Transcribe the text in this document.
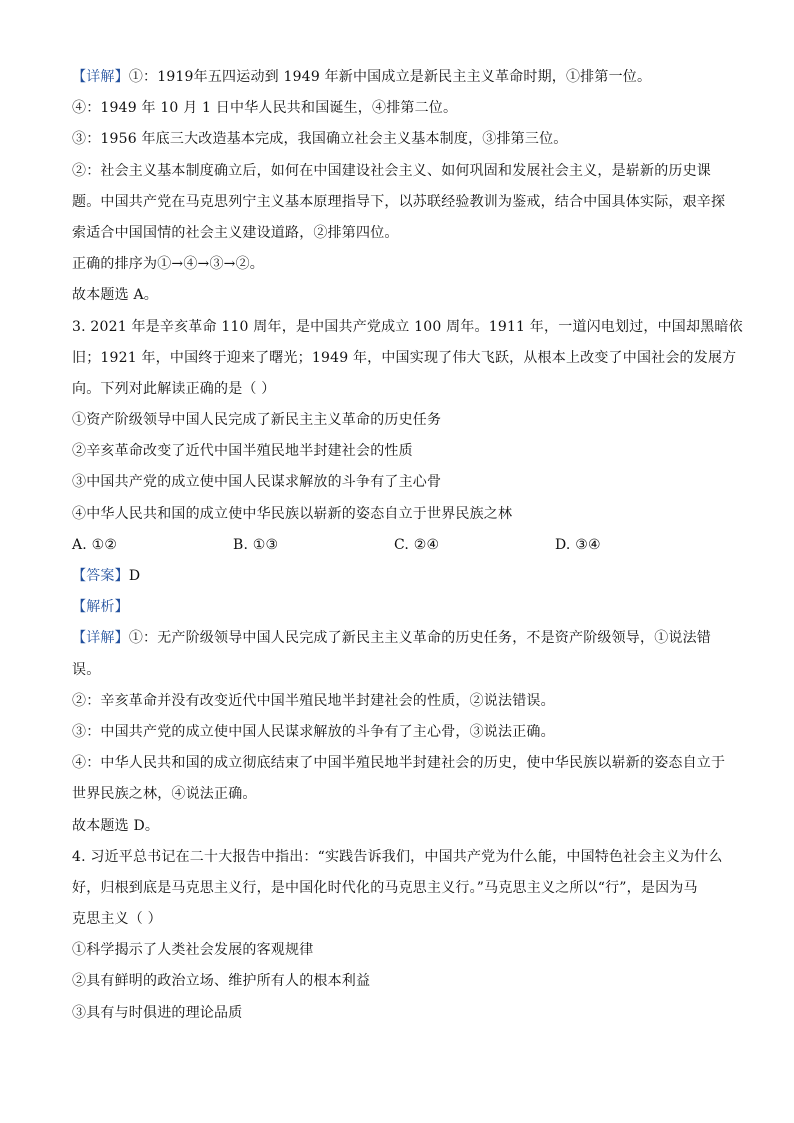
【详解】①：1919年五四运动到 1949 年新中国成立是新民主主义革命时期，①排第一位。
④：1949 年 10 月 1 日中华人民共和国诞生，④排第二位。
③：1956 年底三大改造基本完成，我国确立社会主义基本制度，③排第三位。
②：社会主义基本制度确立后，如何在中国建设社会主义、如何巩固和发展社会主义，是崭新的历史课
题。中国共产党在马克思列宁主义基本原理指导下，以苏联经验教训为鉴戒，结合中国具体实际，艰辛探
索适合中国国情的社会主义建设道路，②排第四位。
正确的排序为①→④→③→②。
故本题选 A。
3. 2021 年是辛亥革命 110 周年，是中国共产党成立 100 周年。1911 年，一道闪电划过，中国却黑暗依
旧；1921 年，中国终于迎来了曙光；1949 年，中国实现了伟大飞跃，从根本上改变了中国社会的发展方
向。下列对此解读正确的是（ ）
①资产阶级领导中国人民完成了新民主主义革命的历史任务
②辛亥革命改变了近代中国半殖民地半封建社会的性质
③中国共产党的成立使中国人民谋求解放的斗争有了主心骨
④中华人民共和国的成立使中华民族以崭新的姿态自立于世界民族之林
A. ①②	B. ①③	C. ②④	D. ③④
【答案】D
【解析】
【详解】①：无产阶级领导中国人民完成了新民主主义革命的历史任务，不是资产阶级领导，①说法错
误。
②：辛亥革命并没有改变近代中国半殖民地半封建社会的性质，②说法错误。
③：中国共产党的成立使中国人民谋求解放的斗争有了主心骨，③说法正确。
④：中华人民共和国的成立彻底结束了中国半殖民地半封建社会的历史，使中华民族以崭新的姿态自立于
世界民族之林，④说法正确。
故本题选 D。
4. 习近平总书记在二十大报告中指出：“实践告诉我们，中国共产党为什么能，中国特色社会主义为什么
好，归根到底是马克思主义行，是中国化时代化的马克思主义行。”马克思主义之所以“行”，是因为马
克思主义（ ）
①科学揭示了人类社会发展的客观规律
②具有鲜明的政治立场、维护所有人的根本利益
③具有与时俱进的理论品质
